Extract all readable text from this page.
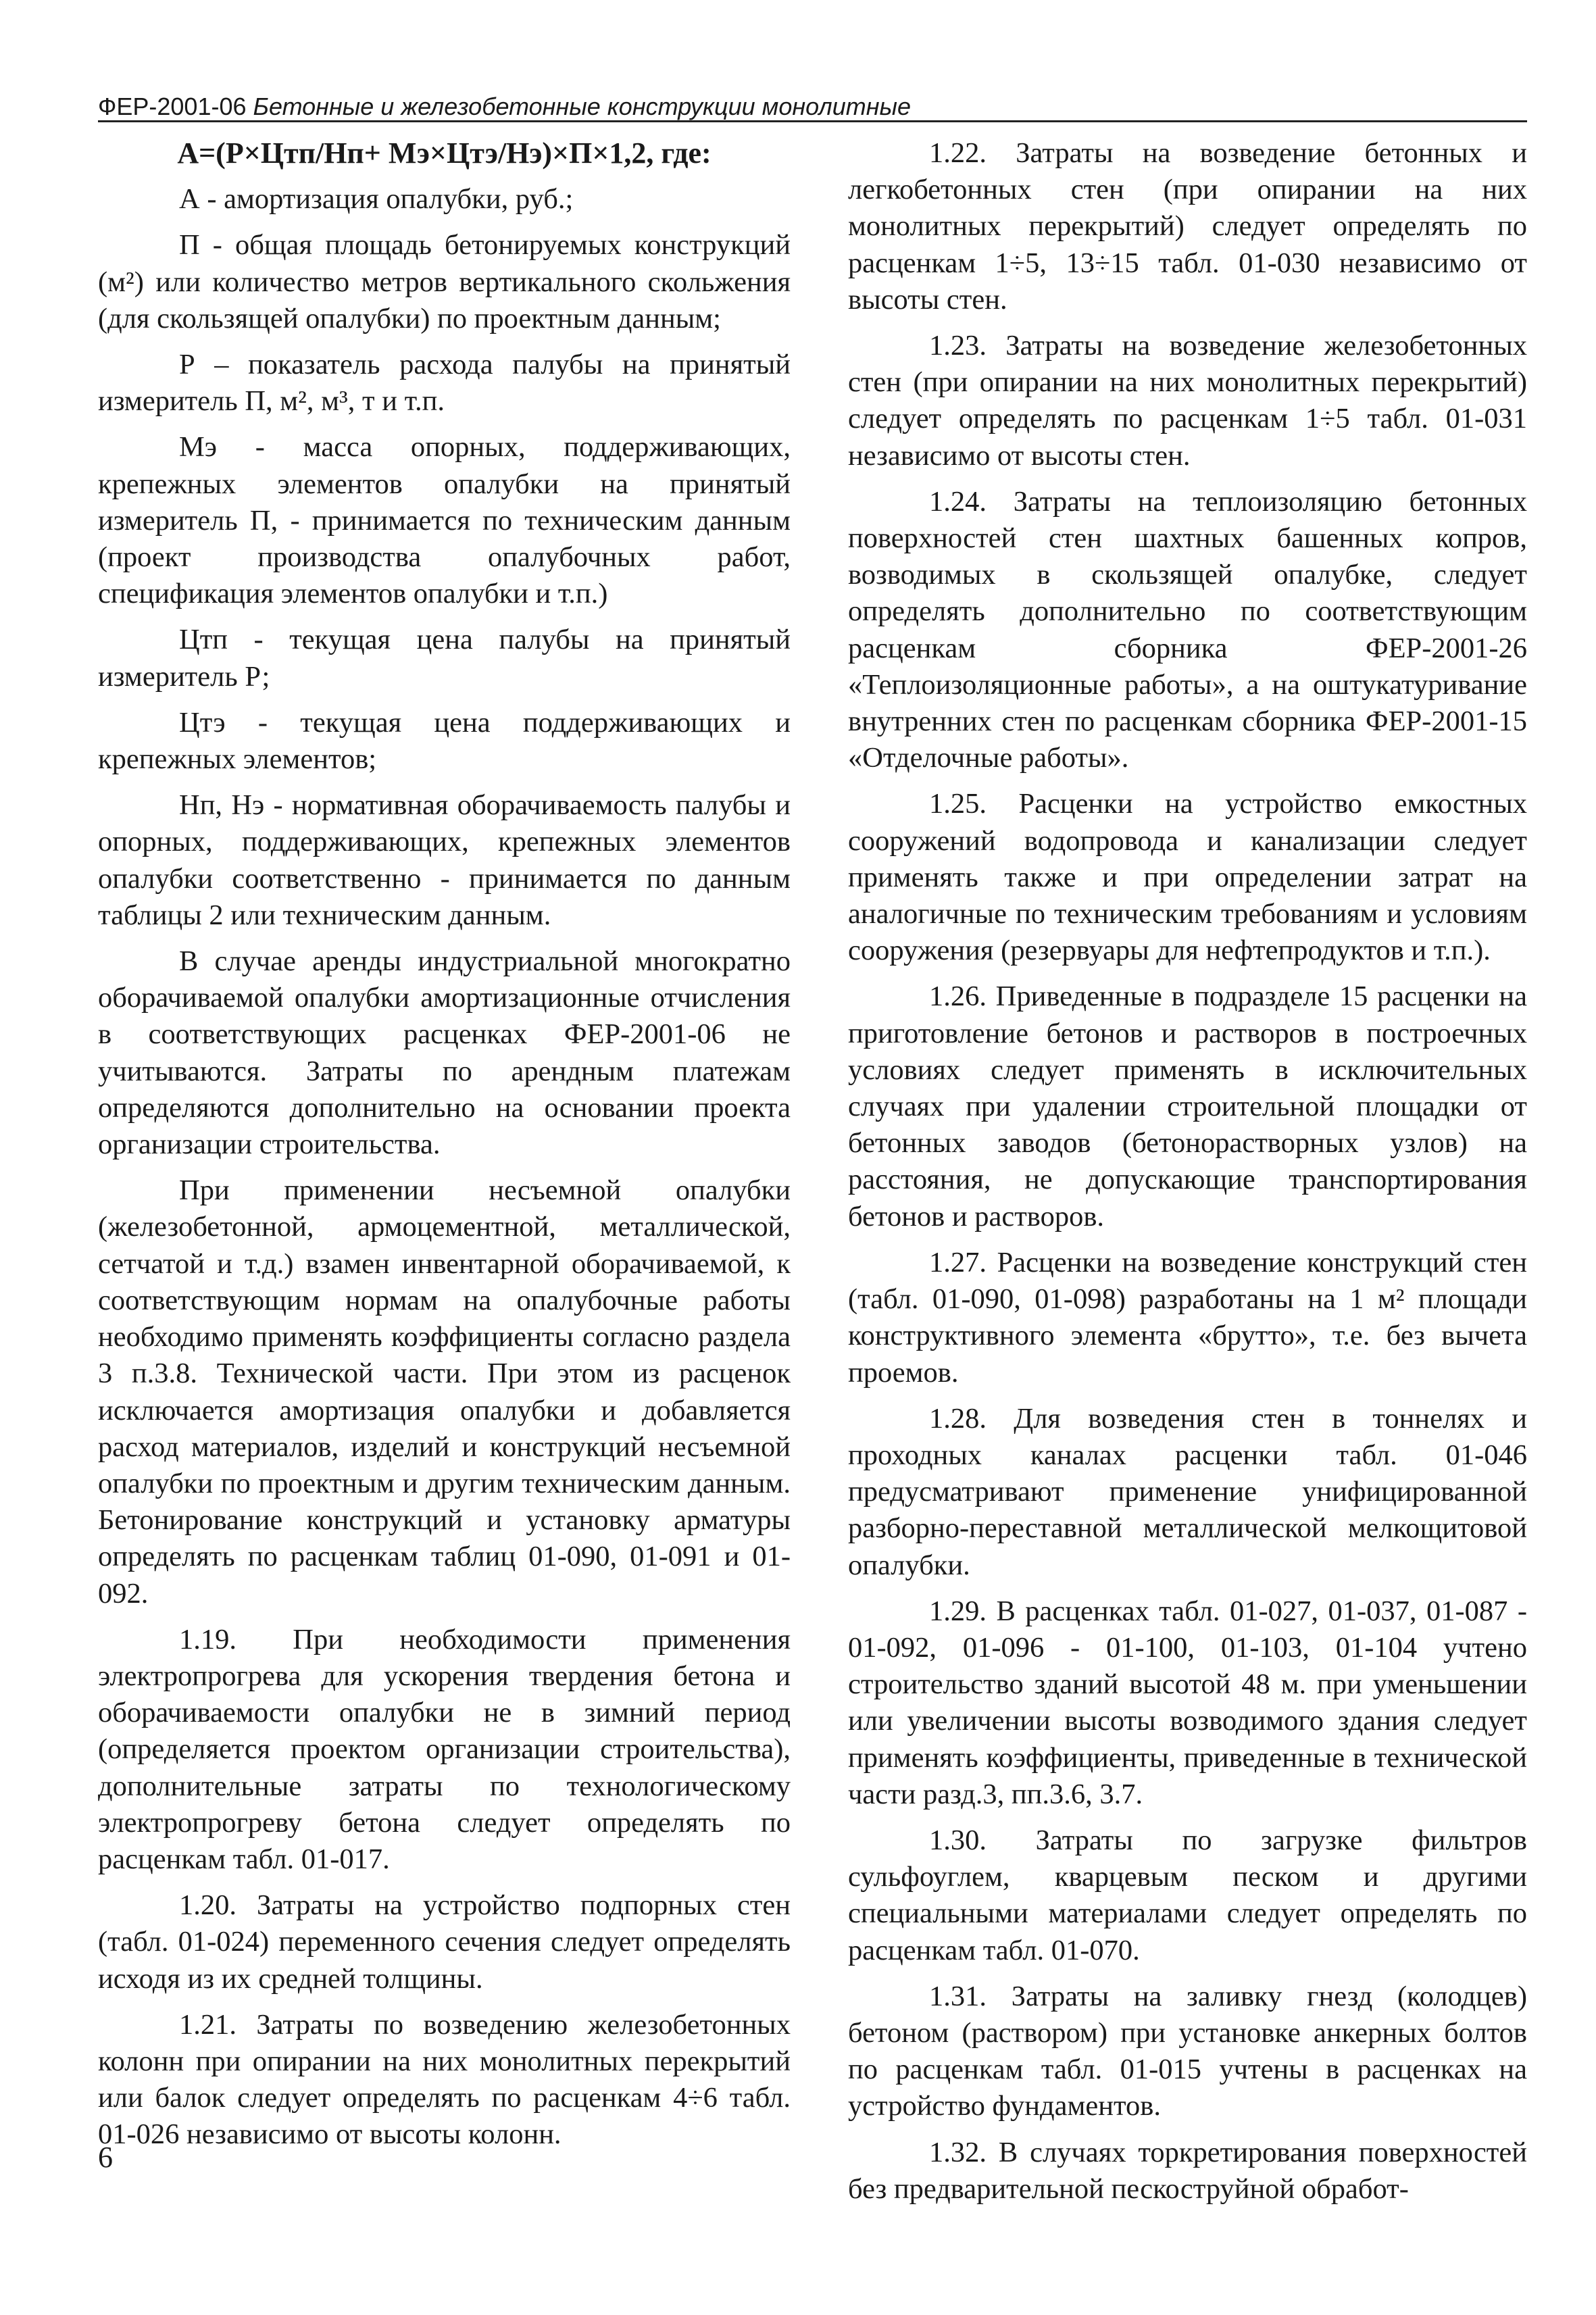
ФЕР-2001-06 Бетонные и железобетонные конструкции монолитные

А=(Р×Цтп/Нп+ Мэ×Цтэ/Нэ)×П×1,2, где:

А - амортизация опалубки, руб.;

П - общая площадь бетонируемых конструкций (м²) или количество метров вертикального скольжения (для скользящей опалубки) по проектным данным;

Р – показатель расхода палубы на принятый измеритель П, м², м³, т и т.п.

Мэ - масса опорных, поддерживающих, крепежных элементов опалубки на принятый измеритель П, - принимается по техническим данным (проект производства опалубочных работ, спецификация элементов опалубки и т.п.)

Цтп - текущая цена палубы на принятый измеритель Р;

Цтэ - текущая цена поддерживающих и крепежных элементов;

Нп, Нэ - нормативная оборачиваемость палубы и опорных, поддерживающих, крепежных элементов опалубки соответственно - принимается по данным таблицы 2 или техническим данным.

В случае аренды индустриальной многократно оборачиваемой опалубки амортизационные отчисления в соответствующих расценках ФЕР-2001-06 не учитываются. Затраты по арендным платежам определяются дополнительно на основании проекта организации строительства.

При применении несъемной опалубки (железобетонной, армоцементной, металлической, сетчатой и т.д.) взамен инвентарной оборачиваемой, к соответствующим нормам на опалубочные работы необходимо применять коэффициенты согласно раздела 3 п.3.8. Технической части. При этом из расценок исключается амортизация опалубки и добавляется расход материалов, изделий и конструкций несъемной опалубки по проектным и другим техническим данным. Бетонирование конструкций и установку арматуры определять по расценкам таблиц 01-090, 01-091 и 01-092.

1.19. При необходимости применения электропрогрева для ускорения твердения бетона и оборачиваемости опалубки не в зимний период (определяется проектом организации строительства), дополнительные затраты по технологическому электропрогреву бетона следует определять по расценкам табл. 01-017.

1.20. Затраты на устройство подпорных стен (табл. 01-024) переменного сечения следует определять исходя из их средней толщины.

1.21. Затраты по возведению железобетонных колонн при опирании на них монолитных перекрытий или балок следует определять по расценкам 4÷6 табл. 01-026 независимо от высоты колонн.

1.22. Затраты на возведение бетонных и легкобетонных стен (при опирании на них монолитных перекрытий) следует определять по расценкам 1÷5, 13÷15 табл. 01-030 независимо от высоты стен.

1.23. Затраты на возведение железобетонных стен (при опирании на них монолитных перекрытий) следует определять по расценкам 1÷5 табл. 01-031 независимо от высоты стен.

1.24. Затраты на теплоизоляцию бетонных поверхностей стен шахтных башенных копров, возводимых в скользящей опалубке, следует определять дополнительно по соответствующим расценкам сборника ФЕР-2001-26 «Теплоизоляционные работы», а на оштукатуривание внутренних стен по расценкам сборника ФЕР-2001-15 «Отделочные работы».

1.25. Расценки на устройство емкостных сооружений водопровода и канализации следует применять также и при определении затрат на аналогичные по техническим требованиям и условиям сооружения (резервуары для нефтепродуктов и т.п.).

1.26. Приведенные в подразделе 15 расценки на приготовление бетонов и растворов в построечных условиях следует применять в исключительных случаях при удалении строительной площадки от бетонных заводов (бетонорастворных узлов) на расстояния, не допускающие транспортирования бетонов и растворов.

1.27. Расценки на возведение конструкций стен (табл. 01-090, 01-098) разработаны на 1 м² площади конструктивного элемента «брутто», т.е. без вычета проемов.

1.28. Для возведения стен в тоннелях и проходных каналах расценки табл. 01-046 предусматривают применение унифицированной разборно-переставной металлической мелкощитовой опалубки.

1.29. В расценках табл. 01-027, 01-037, 01-087 - 01-092, 01-096 - 01-100, 01-103, 01-104 учтено строительство зданий высотой 48 м. при уменьшении или увеличении высоты возводимого здания следует применять коэффициенты, приведенные в технической части разд.3, пп.3.6, 3.7.

1.30. Затраты по загрузке фильтров сульфоуглем, кварцевым песком и другими специальными материалами следует определять по расценкам табл. 01-070.

1.31. Затраты на заливку гнезд (колодцев) бетоном (раствором) при установке анкерных болтов по расценкам табл. 01-015 учтены в расценках на устройство фундаментов.

1.32. В случаях торкретирования поверхностей без предварительной пескоструйной обработ-

6
